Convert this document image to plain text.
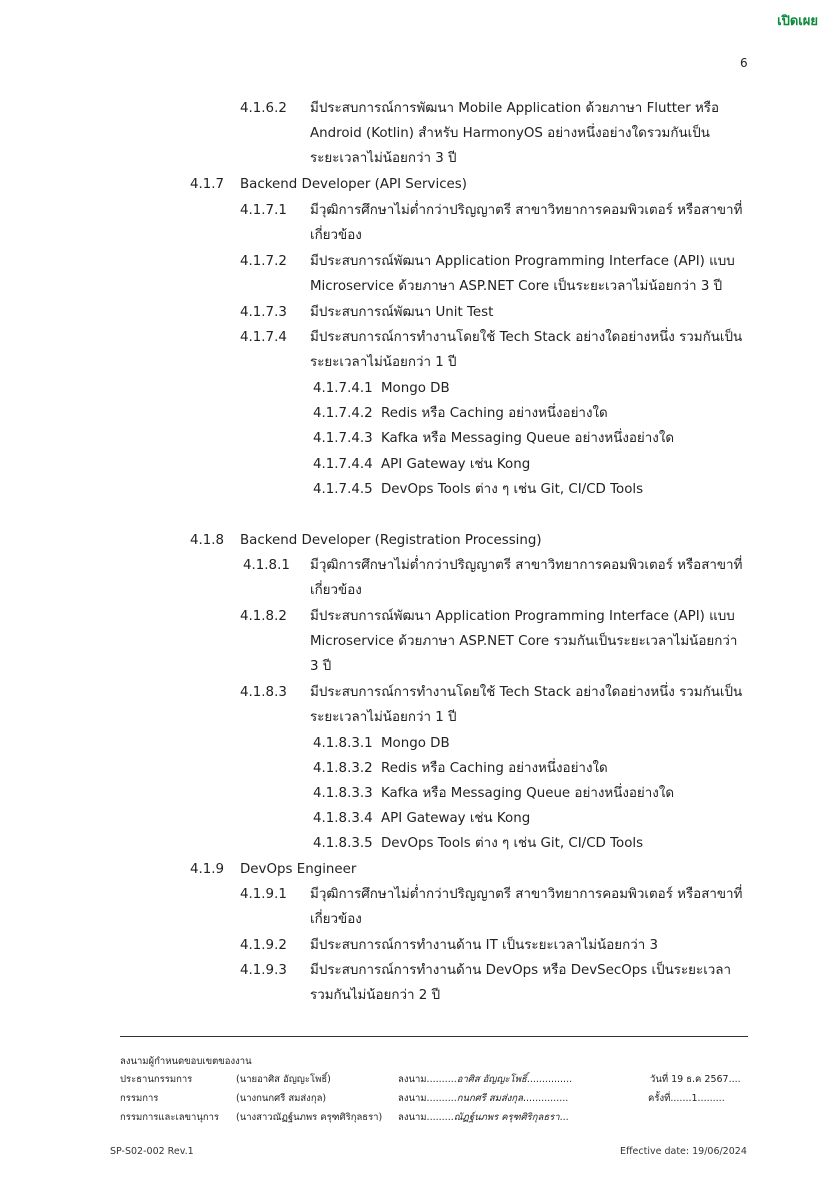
เปิดเผย
6
4.1.6.2 มีประสบการณ์การพัฒนา Mobile Application ด้วยภาษา Flutter หรือ
Android (Kotlin) สำหรับ HarmonyOS อย่างหนึ่งอย่างใดรวมกันเป็น
ระยะเวลาไม่น้อยกว่า 3 ปี
4.1.7 Backend Developer (API Services)
4.1.7.1 มีวุฒิการศึกษาไม่ต่ำกว่าปริญญาตรี สาขาวิทยาการคอมพิวเตอร์ หรือสาขาที่
เกี่ยวข้อง
4.1.7.2 มีประสบการณ์พัฒนา Application Programming Interface (API) แบบ
Microservice ด้วยภาษา ASP.NET Core เป็นระยะเวลาไม่น้อยกว่า 3 ปี
4.1.7.3 มีประสบการณ์พัฒนา Unit Test
4.1.7.4 มีประสบการณ์การทำงานโดยใช้ Tech Stack อย่างใดอย่างหนึ่ง รวมกันเป็น
ระยะเวลาไม่น้อยกว่า 1 ปี
4.1.7.4.1 Mongo DB
4.1.7.4.2 Redis หรือ Caching อย่างหนึ่งอย่างใด
4.1.7.4.3 Kafka หรือ Messaging Queue อย่างหนึ่งอย่างใด
4.1.7.4.4 API Gateway เช่น Kong
4.1.7.4.5 DevOps Tools ต่าง ๆ เช่น Git, CI/CD Tools
4.1.8 Backend Developer (Registration Processing)
4.1.8.1 มีวุฒิการศึกษาไม่ต่ำกว่าปริญญาตรี สาขาวิทยาการคอมพิวเตอร์ หรือสาขาที่
เกี่ยวข้อง
4.1.8.2 มีประสบการณ์พัฒนา Application Programming Interface (API) แบบ
Microservice ด้วยภาษา ASP.NET Core รวมกันเป็นระยะเวลาไม่น้อยกว่า
3 ปี
4.1.8.3 มีประสบการณ์การทำงานโดยใช้ Tech Stack อย่างใดอย่างหนึ่ง รวมกันเป็น
ระยะเวลาไม่น้อยกว่า 1 ปี
4.1.8.3.1 Mongo DB
4.1.8.3.2 Redis หรือ Caching อย่างหนึ่งอย่างใด
4.1.8.3.3 Kafka หรือ Messaging Queue อย่างหนึ่งอย่างใด
4.1.8.3.4 API Gateway เช่น Kong
4.1.8.3.5 DevOps Tools ต่าง ๆ เช่น Git, CI/CD Tools
4.1.9 DevOps Engineer
4.1.9.1 มีวุฒิการศึกษาไม่ต่ำกว่าปริญญาตรี สาขาวิทยาการคอมพิวเตอร์ หรือสาขาที่
เกี่ยวข้อง
4.1.9.2 มีประสบการณ์การทำงานด้าน IT เป็นระยะเวลาไม่น้อยกว่า 3
4.1.9.3 มีประสบการณ์การทำงานด้าน DevOps หรือ DevSecOps เป็นระยะเวลา
รวมกันไม่น้อยกว่า 2 ปี
ลงนามผู้กำหนดขอบเขตของงาน
ประธานกรรมการ	(นายอาศิส อัญญะโพธิ์)	ลงนาม..........อาศิส อัญญะโพธิ์...............	วันที่ 19 ธ.ค 2567....
กรรมการ	(นางกนกศรี สมส่งกุล)	ลงนาม..........กนกศรี สมส่งกุล...............	ครั้งที่.......1.........
กรรมการและเลขานุการ (นางสาวณัฏฐ์นภพร ครุฑศิริกุลธรา) ลงนาม.........ณัฏฐ์นภพร ครุฑศิริกุลธรา...
SP-S02-002 Rev.1	Effective date: 19/06/2024
